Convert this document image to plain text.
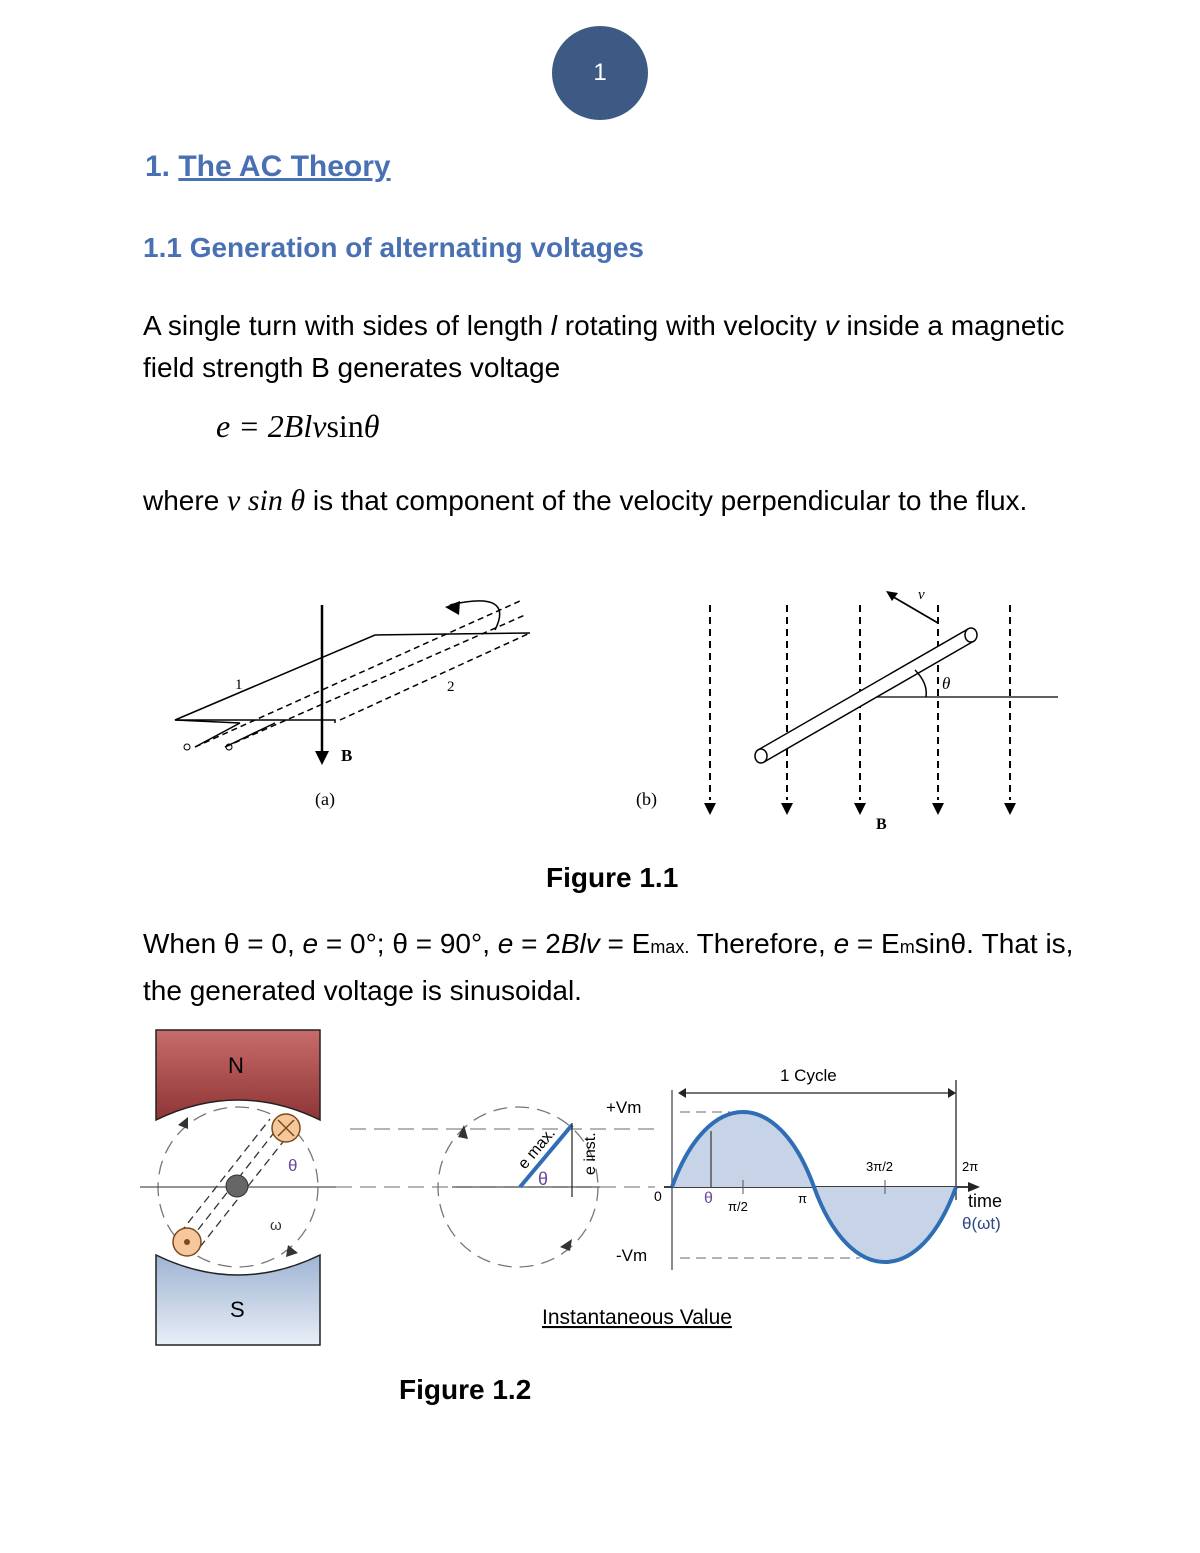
1
1. The AC Theory
1.1 Generation of alternating voltages
A single turn with sides of length l rotating with velocity v inside a magnetic field strength B generates voltage
e = 2Blvsinθ
where v sin θ is that component of the velocity perpendicular to the flux.
1	2
B
(a)
v
θ
B
(b)
Figure 1.1
When θ = 0, e = 0°; θ = 90°, e = 2Blv = Emax. Therefore, e = Emsinθ. That is, the generated voltage is sinusoidal.
N
S
θ
ω
θ
e max. e inst.
+Vm
-Vm
1 Cycle
0	θ π/2
π
3π/2	2π
time
θ(ωt)
Instantaneous Value
Figure 1.2
